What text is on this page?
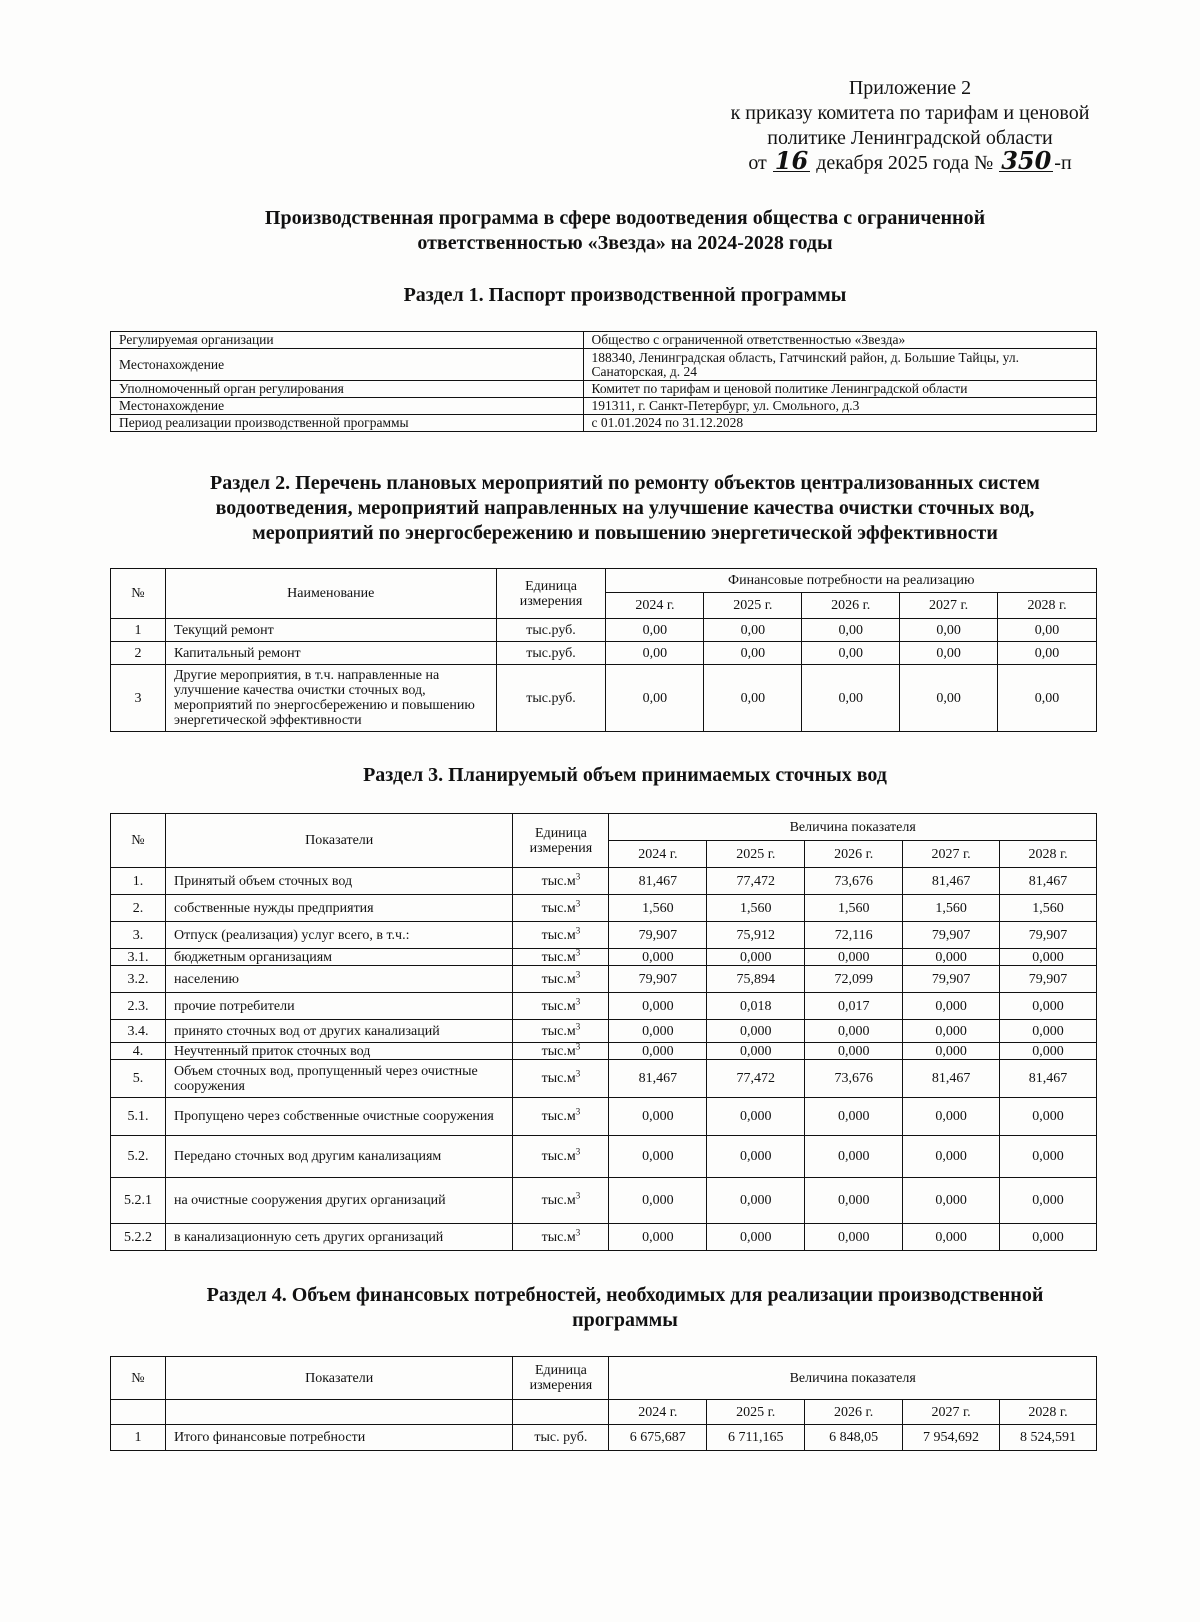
Приложение 2
к приказу комитета по тарифам и ценовой
политике Ленинградской области
от 16 декабря 2025 года № 350 -п
Производственная программа в сфере водоотведения общества с ограниченной
ответственностью «Звезда» на 2024-2028 годы
Раздел 1. Паспорт производственной программы
Регулируемая организации	Общество с ограниченной ответственностью «Звезда»
Местонахождение	188340, Ленинградская область, Гатчинский район, д. Большие Тайцы, ул. Санаторская, д. 24
Уполномоченный орган регулирования	Комитет по тарифам и ценовой политике Ленинградской области
Местонахождение	191311, г. Санкт-Петербург, ул. Смольного, д.3
Период реализации производственной программы	с 01.01.2024 по 31.12.2028
Раздел 2. Перечень плановых мероприятий по ремонту объектов централизованных систем
водоотведения, мероприятий направленных на улучшение качества очистки сточных вод,
мероприятий по энергосбережению и повышению энергетической эффективности
№	Наименование	Единица измерения	Финансовые потребности на реализацию				
			2024 г.	2025 г.	2026 г.	2027 г.	2028 г.
1	Текущий ремонт	тыс.руб.	0,00	0,00	0,00	0,00	0,00
2	Капитальный ремонт	тыс.руб.	0,00	0,00	0,00	0,00	0,00
3	Другие мероприятия, в т.ч. направленные на улучшение качества очистки сточных вод, мероприятий по энергосбережению и повышению энергетической эффективности	тыс.руб.	0,00	0,00	0,00	0,00	0,00
Раздел 3. Планируемый объем принимаемых сточных вод
№	Показатели	Единица измерения	Величина показателя				
			2024 г.	2025 г.	2026 г.	2027 г.	2028 г.
1.	Принятый объем сточных вод	$тыс.м^3$	81,467	77,472	73,676	81,467	81,467
2.	собственные нужды предприятия	$тыс.м^3$	1,560	1,560	1,560	1,560	1,560
3.	Отпуск (реализация) услуг всего, в т.ч.:	$тыс.м^3$	79,907	75,912	72,116	79,907	79,907
3.1.	бюджетным организациям	$тыс.м^3$	0,000	0,000	0,000	0,000	0,000
3.2.	населению	$тыс.м^3$	79,907	75,894	72,099	79,907	79,907
2.3.	прочие потребители	$тыс.м^3$	0,000	0,018	0,017	0,000	0,000
3.4.	принято сточных вод от других канализаций	$тыс.м^3$	0,000	0,000	0,000	0,000	0,000
4.	Неучтенный приток сточных вод	$тыс.м^3$	0,000	0,000	0,000	0,000	0,000
5.	Объем сточных вод, пропущенный через очистные сооружения	$тыс.м^3$	81,467	77,472	73,676	81,467	81,467
5.1.	Пропущено через собственные очистные сооружения	$тыс.м^3$	0,000	0,000	0,000	0,000	0,000
5.2.	Передано сточных вод другим канализациям	$тыс.м^3$	0,000	0,000	0,000	0,000	0,000
5.2.1	на очистные сооружения других организаций	$тыс.м^3$	0,000	0,000	0,000	0,000	0,000
5.2.2	в канализационную сеть других организаций	$тыс.м^3$	0,000	0,000	0,000	0,000	0,000
Раздел 4. Объем финансовых потребностей, необходимых для реализации производственной
программы
№	Показатели	Единица измерения	Величина показателя				
			2024 г.	2025 г.	2026 г.	2027 г.	2028 г.
1	Итого финансовые потребности	тыс. руб.	6 675,687	6 711,165	6 848,05	7 954,692	8 524,591
